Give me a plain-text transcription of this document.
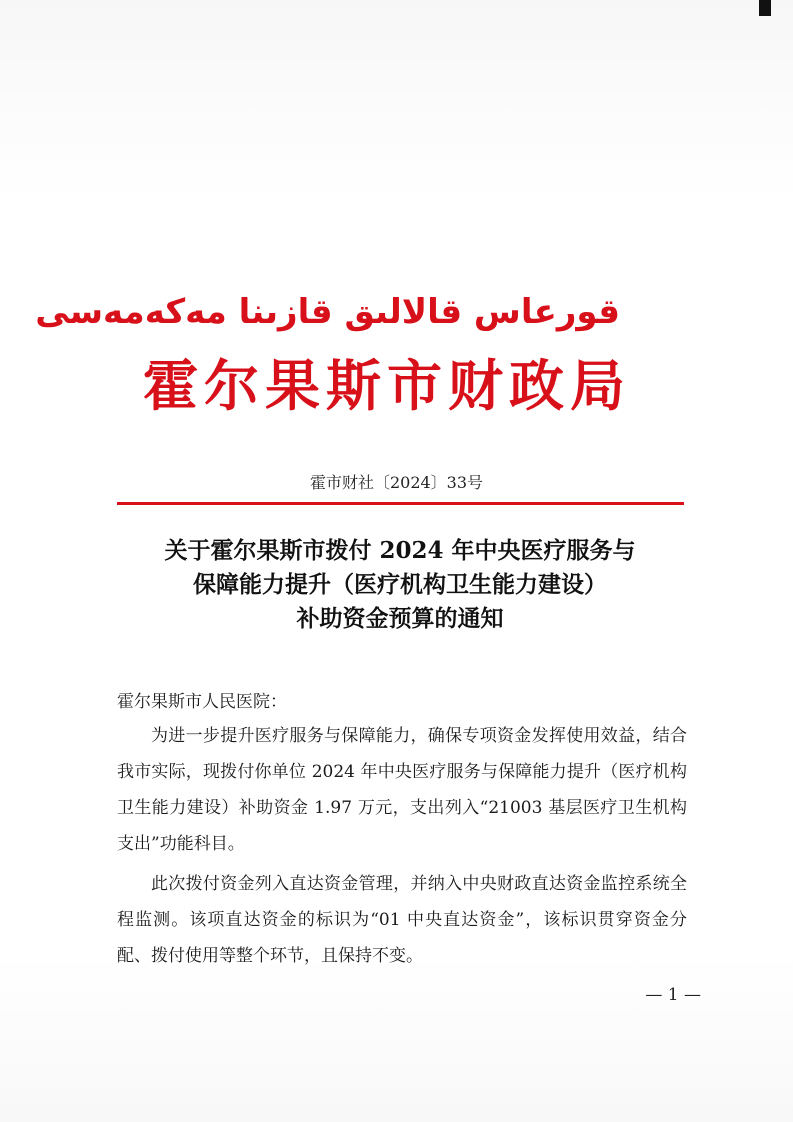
قورعاس قالالىق قازىنا مەكەمەسى
霍尔果斯市财政局
霍市财社〔2024〕33号
关于霍尔果斯市拨付 2024 年中央医疗服务与
保障能力提升（医疗机构卫生能力建设）
补助资金预算的通知

霍尔果斯市人民医院：

为进一步提升医疗服务与保障能力，确保专项资金发挥使用效益，结合我市实际，现拨付你单位 2024 年中央医疗服务与保障能力提升（医疗机构卫生能力建设）补助资金 1.97 万元，支出列入“21003 基层医疗卫生机构支出”功能科目。

此次拨付资金列入直达资金管理，并纳入中央财政直达资金监控系统全程监测。该项直达资金的标识为“01 中央直达资金”，该标识贯穿资金分配、拨付使用等整个环节，且保持不变。

— 1 —
